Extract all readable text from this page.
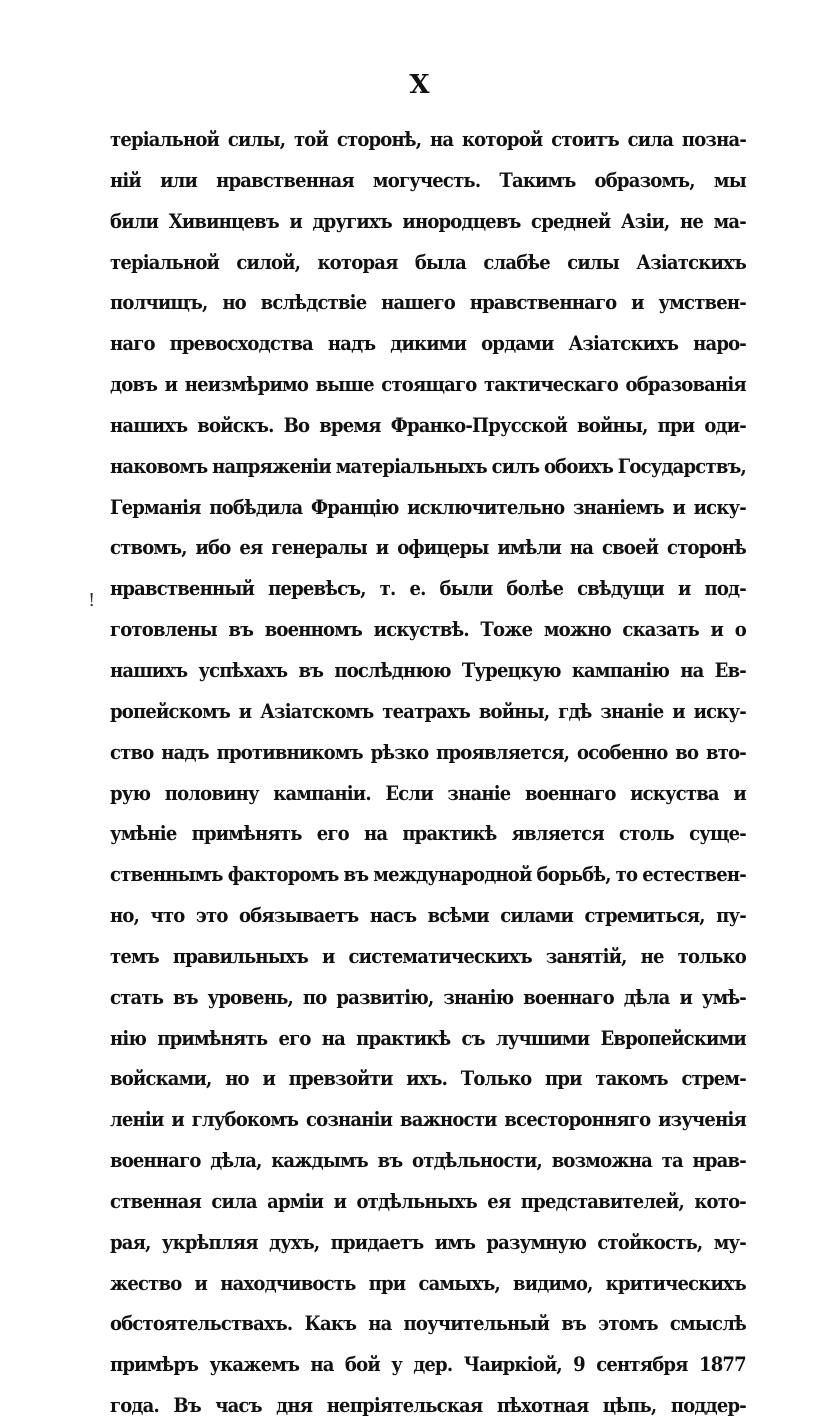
X
!
теріальной силы, той сторонѣ, на которой стоитъ сила позна-
ній или нравственная могучесть. Такимъ образомъ, мы
били Хивинцевъ и другихъ инородцевъ средней Азіи, не ма-
теріальной силой, которая была слабѣе силы Азіатскихъ
полчищъ, но вслѣдствіе нашего нравственнаго и умствен-
наго превосходства надъ дикими ордами Азіатскихъ наро-
довъ и неизмѣримо выше стоящаго тактическаго образованія
нашихъ войскъ. Во время Франко-Прусской войны, при оди-
наковомъ напряженіи матеріальныхъ силъ обоихъ Государствъ,
Германія побѣдила Францію исключительно знаніемъ и иску-
ствомъ, ибо ея генералы и офицеры имѣли на своей сторонѣ
нравственный перевѣсъ, т. е. были болѣе свѣдущи и под-
готовлены въ военномъ искуствѣ. Тоже можно сказать и о
нашихъ успѣхахъ въ послѣднюю Турецкую кампанію на Ев-
ропейскомъ и Азіатскомъ театрахъ войны, гдѣ знаніе и иску-
ство надъ противникомъ рѣзко проявляется, особенно во вто-
рую половину кампаніи. Если знаніе военнаго искуства и
умѣніе примѣнять его на практикѣ является столь суще-
ственнымъ факторомъ въ международной борьбѣ, то естествен-
но, что это обязываетъ насъ всѣми силами стремиться, пу-
темъ правильныхъ и систематическихъ занятій, не только
стать въ уровень, по развитію, знанію военнаго дѣла и умѣ-
нію примѣнять его на практикѣ съ лучшими Европейскими
войсками, но и превзойти ихъ. Только при такомъ стрем-
леніи и глубокомъ сознаніи важности всесторонняго изученія
военнаго дѣла, каждымъ въ отдѣльности, возможна та нрав-
ственная сила арміи и отдѣльныхъ ея представителей, кото-
рая, укрѣпляя духъ, придаетъ имъ разумную стойкость, му-
жество и находчивость при самыхъ, видимо, критическихъ
обстоятельствахъ. Какъ на поучительный въ этомъ смыслѣ
примѣръ укажемъ на бой у дер. Чаиркіой, 9 сентября 1877
года. Въ часъ дня непріятельская пѣхотная цѣпь, поддер-
